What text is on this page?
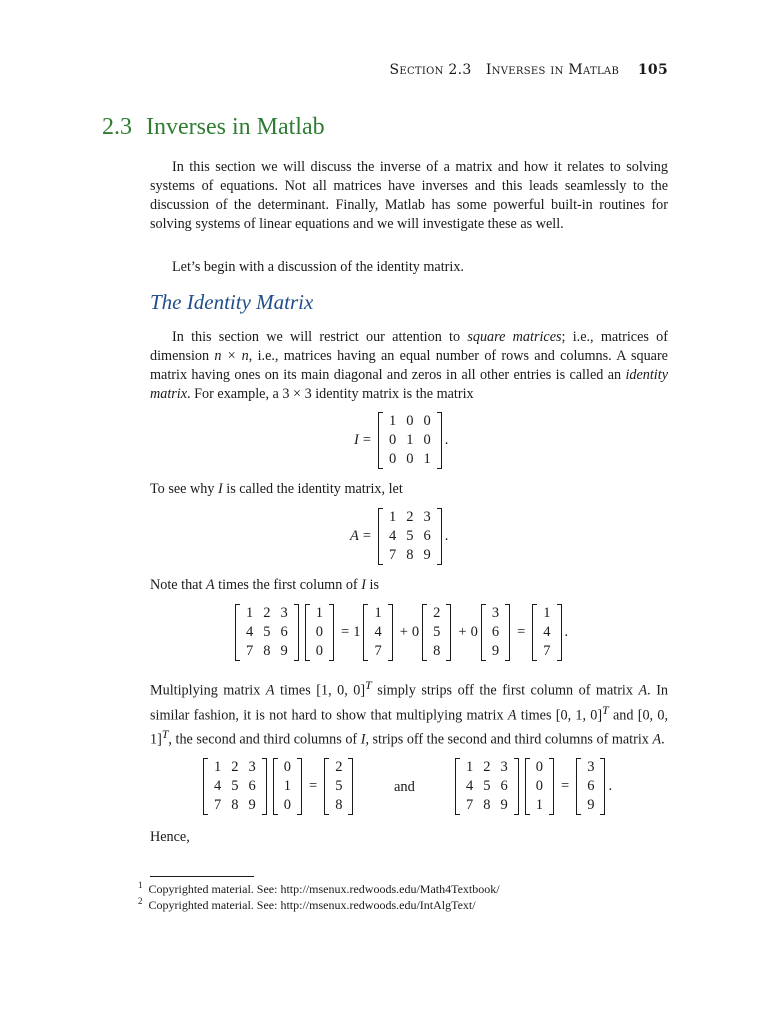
Section 2.3 Inverses in Matlab 105
2.3 Inverses in Matlab
In this section we will discuss the inverse of a matrix and how it relates to solving systems of equations. Not all matrices have inverses and this leads seamlessly to the discussion of the determinant. Finally, Matlab has some powerful built-in routines for solving systems of linear equations and we will investigate these as well.
Let’s begin with a discussion of the identity matrix.
The Identity Matrix
In this section we will restrict our attention to square matrices; i.e., matrices of dimension n × n, i.e., matrices having an equal number of rows and columns. A square matrix having ones on its main diagonal and zeros in all other entries is called an identity matrix. For example, a 3 × 3 identity matrix is the matrix
I =
1	0	0
0	1	0
0	0	1
.
To see why I is called the identity matrix, let
A =
1	2	3
4	5	6
7	8	9
.
Note that A times the first column of I is
1	2	3
4	5	6
7	8	9
1
0
0
= 1
1
4
7
+ 0
2
5
8
+ 0
3
6
9
=
1
4
7
.
Multiplying matrix A times [1, 0, 0]$^T$ simply strips off the first column of matrix A. In similar fashion, it is not hard to show that multiplying matrix A times [0, 1, 0]$^T$ and [0, 0, 1]$^T$, the second and third columns of I, strips off the second and third columns of matrix A.
1	2	3
4	5	6
7	8	9
0
1
0
=
2
5
8
and
1	2	3
4	5	6
7	8	9
0
0
1
=
3
6
9
.
Hence,
$^1$ Copyrighted material. See: http://msenux.redwoods.edu/Math4Textbook/
$^2$ Copyrighted material. See: http://msenux.redwoods.edu/IntAlgText/
